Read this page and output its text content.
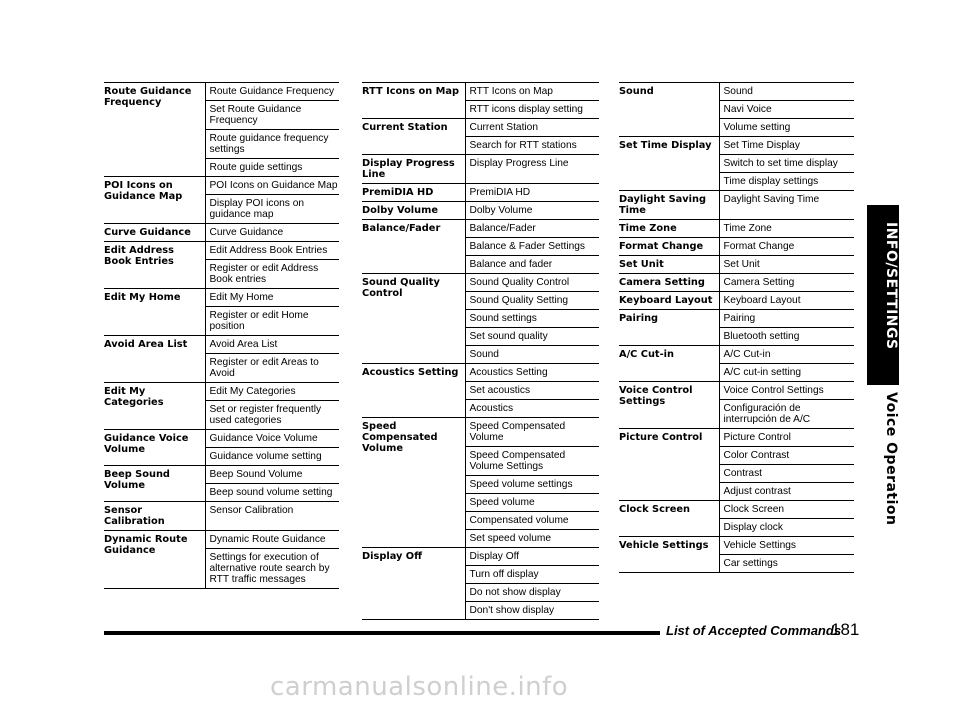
Route Guidance Frequency	Route Guidance Frequency
	Set Route Guidance Frequency
	Route guidance frequency settings
	Route guide settings
POI Icons on Guidance Map	POI Icons on Guidance Map
	Display POI icons on guidance map
Curve Guidance	Curve Guidance
Edit Address Book Entries	Edit Address Book Entries
	Register or edit Address Book entries
Edit My Home	Edit My Home
	Register or edit Home position
Avoid Area List	Avoid Area List
	Register or edit Areas to Avoid
Edit My Categories	Edit My Categories
	Set or register frequently used categories
Guidance Voice Volume	Guidance Voice Volume
	Guidance volume setting
Beep Sound Volume	Beep Sound Volume
	Beep sound volume setting
Sensor Calibration	Sensor Calibration
Dynamic Route Guidance	Dynamic Route Guidance
	Settings for execution of alternative route search by RTT traffic messages
RTT Icons on Map	RTT Icons on Map
	RTT icons display setting
Current Station	Current Station
	Search for RTT stations
Display Progress Line	Display Progress Line
PremiDIA HD	PremiDIA HD
Dolby Volume	Dolby Volume
Balance/Fader	Balance/Fader
	Balance & Fader Settings
	Balance and fader
Sound Quality Control	Sound Quality Control
	Sound Quality Setting
	Sound settings
	Set sound quality
	Sound
Acoustics Setting	Acoustics Setting
	Set acoustics
	Acoustics
Speed Compensated Volume	Speed Compensated Volume
	Speed Compensated Volume Settings
	Speed volume settings
	Speed volume
	Compensated volume
	Set speed volume
Display Off	Display Off
	Turn off display
	Do not show display
	Don't show display
Sound	Sound
	Navi Voice
	Volume setting
Set Time Display	Set Time Display
	Switch to set time display
	Time display settings
Daylight Saving Time	Daylight Saving Time
Time Zone	Time Zone
Format Change	Format Change
Set Unit	Set Unit
Camera Setting	Camera Setting
Keyboard Layout	Keyboard Layout
Pairing	Pairing
	Bluetooth setting
A/C Cut-in	A/C Cut-in
	A/C cut-in setting
Voice Control Settings	Voice Control Settings
	Configuración de interrupción de A/C
Picture Control	Picture Control
	Color Contrast
	Contrast
	Adjust contrast
Clock Screen	Clock Screen
	Display clock
Vehicle Settings	Vehicle Settings
	Car settings
INFO/SETTINGS
Voice Operation
List of Accepted Commands
181
carmanualsonline.info
